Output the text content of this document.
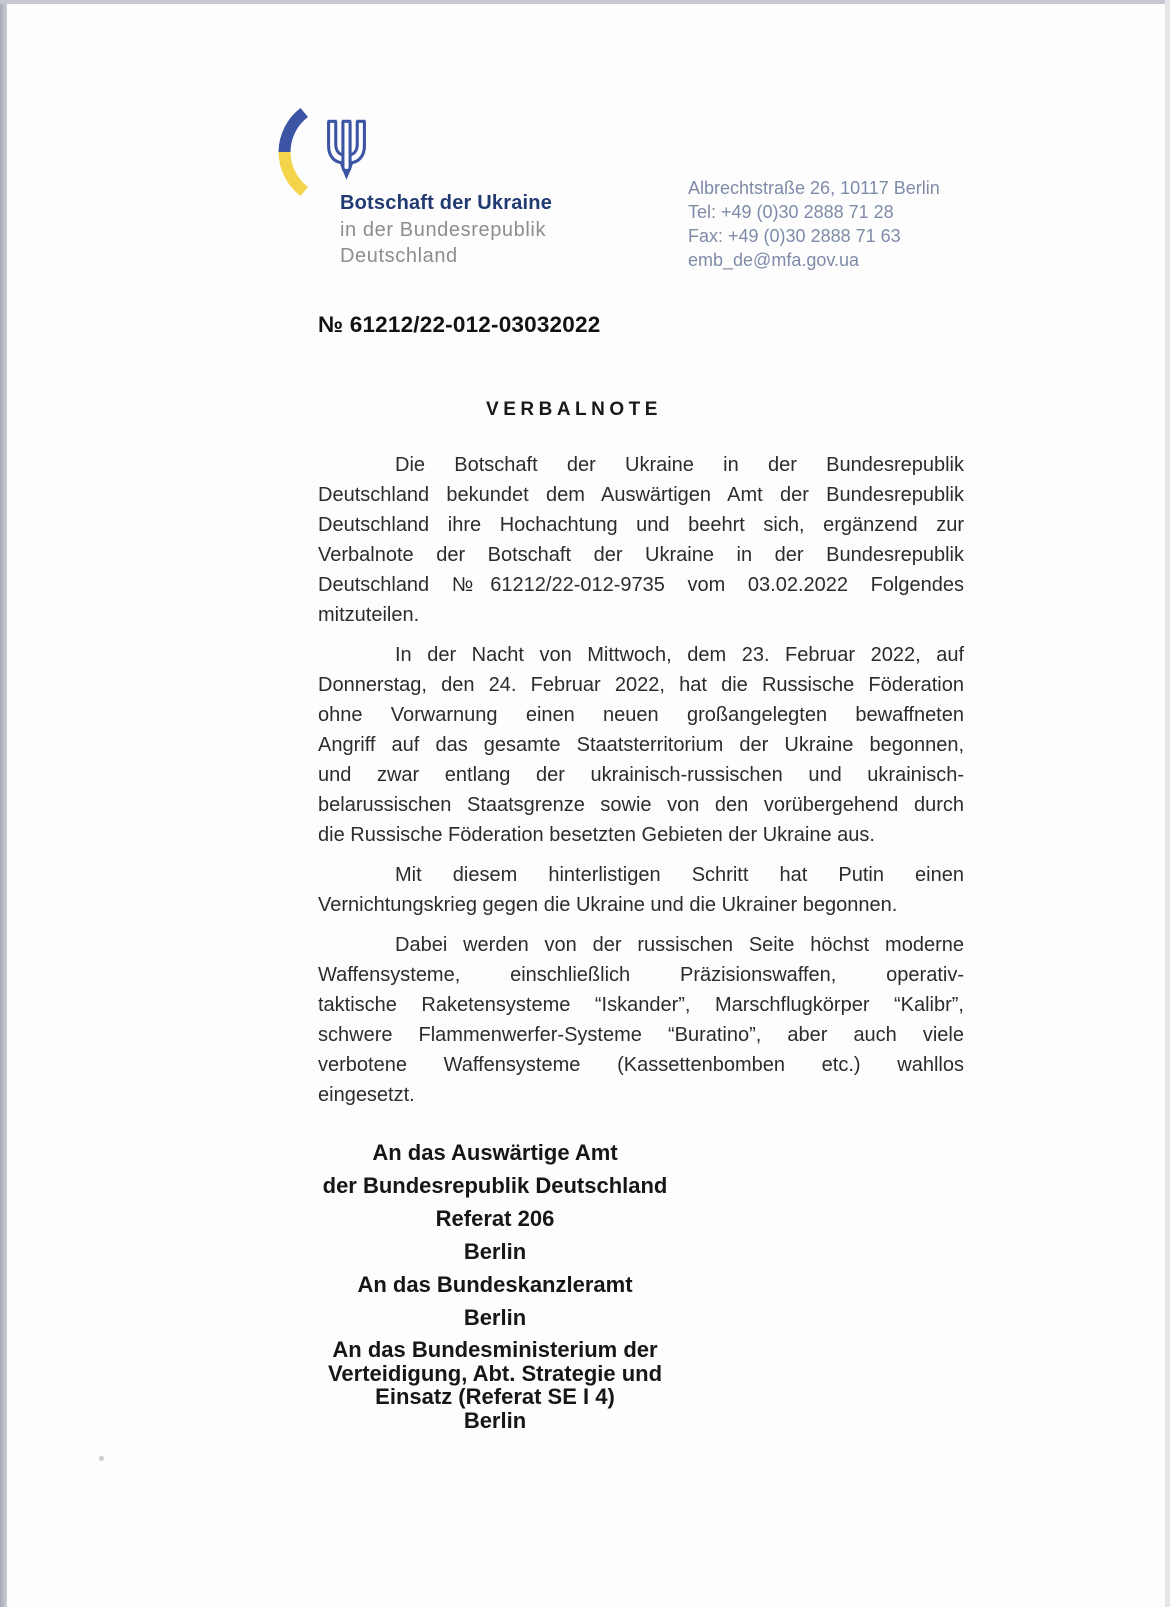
Botschaft der Ukraine
in der Bundesrepublik
Deutschland
Albrechtstraße 26, 10117 Berlin
Tel: +49 (0)30 2888 71 28
Fax: +49 (0)30 2888 71 63
emb_de@mfa.gov.ua
№ 61212/22-012-03032022
VERBALNOTE
Die Botschaft der Ukraine in der Bundesrepublik
Deutschland bekundet dem Auswärtigen Amt der Bundesrepublik
Deutschland ihre Hochachtung und beehrt sich, ergänzend zur
Verbalnote der Botschaft der Ukraine in der Bundesrepublik
Deutschland №61212/22-012-9735 vom 03.02.2022 Folgendes
mitzuteilen.
In der Nacht von Mittwoch, dem 23. Februar 2022, auf
Donnerstag, den 24. Februar 2022, hat die Russische Föderation
ohne Vorwarnung einen neuen großangelegten bewaffneten
Angriff auf das gesamte Staatsterritorium der Ukraine begonnen,
und zwar entlang der ukrainisch-russischen und ukrainisch-
belarussischen Staatsgrenze sowie von den vorübergehend durch
die Russische Föderation besetzten Gebieten der Ukraine aus.
Mit diesem hinterlistigen Schritt hat Putin einen
Vernichtungskrieg gegen die Ukraine und die Ukrainer begonnen.
Dabei werden von der russischen Seite höchst moderne
Waffensysteme, einschließlich Präzisionswaffen, operativ-
taktische Raketensysteme “Iskander”, Marschflugkörper “Kalibr”,
schwere Flammenwerfer-Systeme “Buratino”, aber auch viele
verbotene Waffensysteme (Kassettenbomben etc.) wahllos
eingesetzt.
An das Auswärtige Amt
der Bundesrepublik Deutschland
Referat 206
Berlin
An das Bundeskanzleramt
Berlin
An das Bundesministerium der
Verteidigung, Abt. Strategie und
Einsatz (Referat SE I 4)
Berlin
